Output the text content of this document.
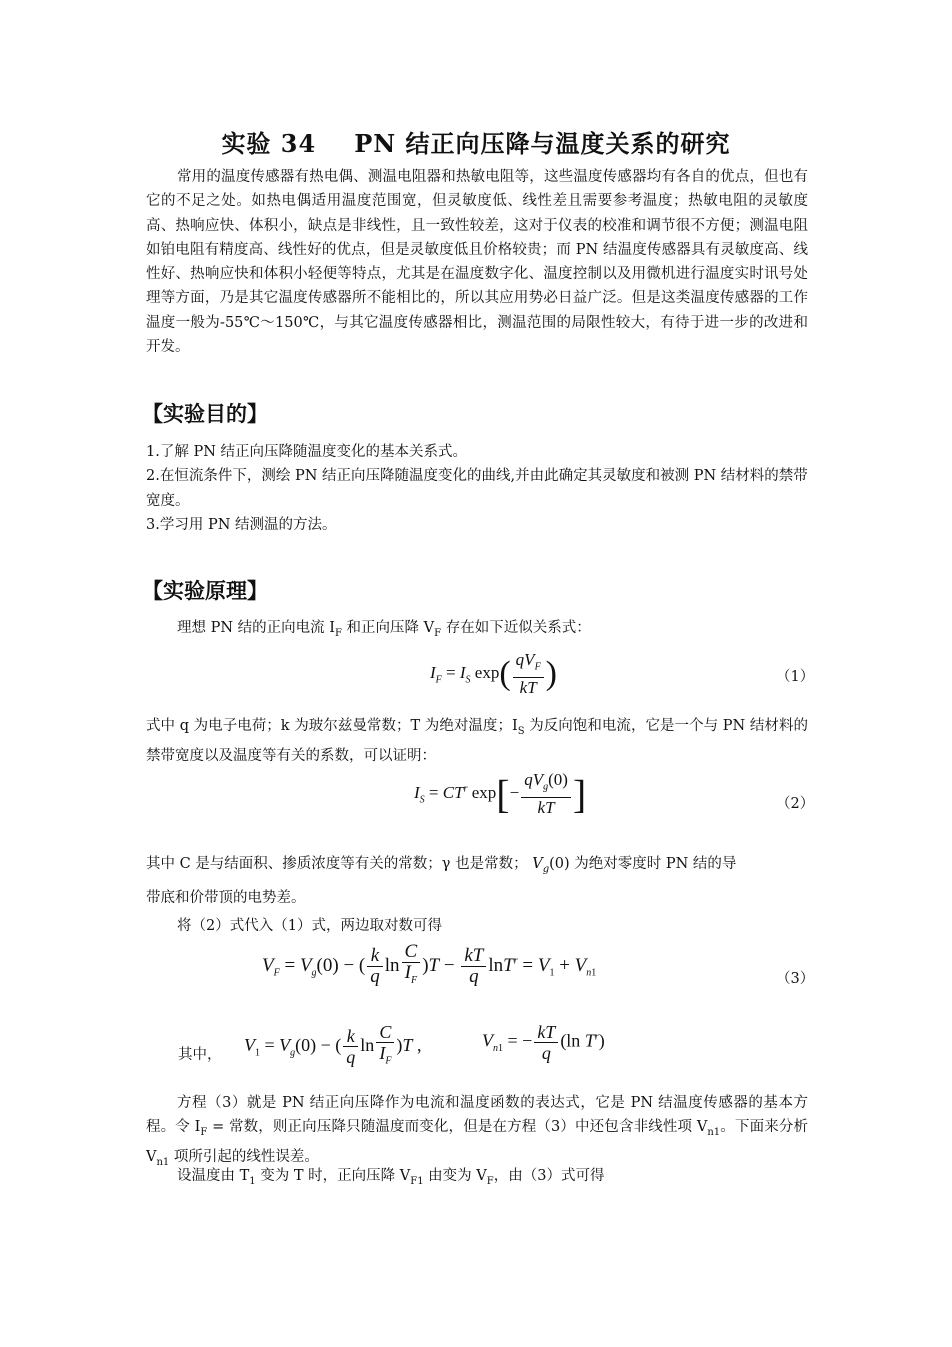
实验 34 PN 结正向压降与温度关系的研究

常用的温度传感器有热电偶、测温电阻器和热敏电阻等，这些温度传感器均有各自的优点，但也有它的不足之处。如热电偶适用温度范围宽，但灵敏度低、线性差且需要参考温度；热敏电阻的灵敏度高、热响应快、体积小，缺点是非线性，且一致性较差，这对于仪表的校准和调节很不方便；测温电阻如铂电阻有精度高、线性好的优点，但是灵敏度低且价格较贵；而 PN 结温度传感器具有灵敏度高、线性好、热响应快和体积小轻便等特点，尤其是在温度数字化、温度控制以及用微机进行温度实时讯号处理等方面，乃是其它温度传感器所不能相比的，所以其应用势必日益广泛。但是这类温度传感器的工作温度一般为-55℃～150℃，与其它温度传感器相比，测温范围的局限性较大，有待于进一步的改进和开发。

【实验目的】

1.了解 PN 结正向压降随温度变化的基本关系式。

2.在恒流条件下，测绘 PN 结正向压降随温度变化的曲线,并由此确定其灵敏度和被测 PN 结材料的禁带宽度。

3.学习用 PN 结测温的方法。

【实验原理】

理想 PN 结的正向电流 $I_F$ 和正向压降 $V_F$ 存在如下近似关系式：

$I_F = I_S$ $\exp( \frac{qV_F}{kT}$ )	（1）

式中 q 为电子电荷；k 为玻尔兹曼常数；T 为绝对温度；$I_S$ 为反向饱和电流，它是一个与 PN 结材料的禁带宽度以及温度等有关的系数，可以证明：

$I_S = CT^r$ $\exp[- \frac{qV_g(0)}{kT}$ ]	（2）

其中 C 是与结面积、掺质浓度等有关的常数；γ 也是常数； $V_g(0)$ 为绝对零度时 PN 结的导

带底和价带顶的电势差。

将（2）式代入（1）式，两边取对数可得

$V_F = V_g(0)$ − ( $\frac{k}{q}$ $\ln \frac{C}{I_F} )T - \frac{kT}{q} \ln T^r = V_1 + V_{n1}$	（3）
其中，
$V_1 = V_g(0)$ − ( $\frac{k}{q}$ $\ln \frac{C}{I_F} )T$ ,	$V_{n1}$ = − $\frac{kT}{q} (\ln$ $T^r$)

方程（3）就是 PN 结正向压降作为电流和温度函数的表达式，它是 PN 结温度传感器的基本方程。令 $I_F$ = 常数，则正向压降只随温度而变化，但是在方程（3）中还包含非线性项 $V_{n1}$。下面来分析 $V_{n1}$ 项所引起的线性误差。

设温度由 $T_1$ 变为 T 时，正向压降 $V_{F1}$ 由变为 $V_F$，由（3）式可得
